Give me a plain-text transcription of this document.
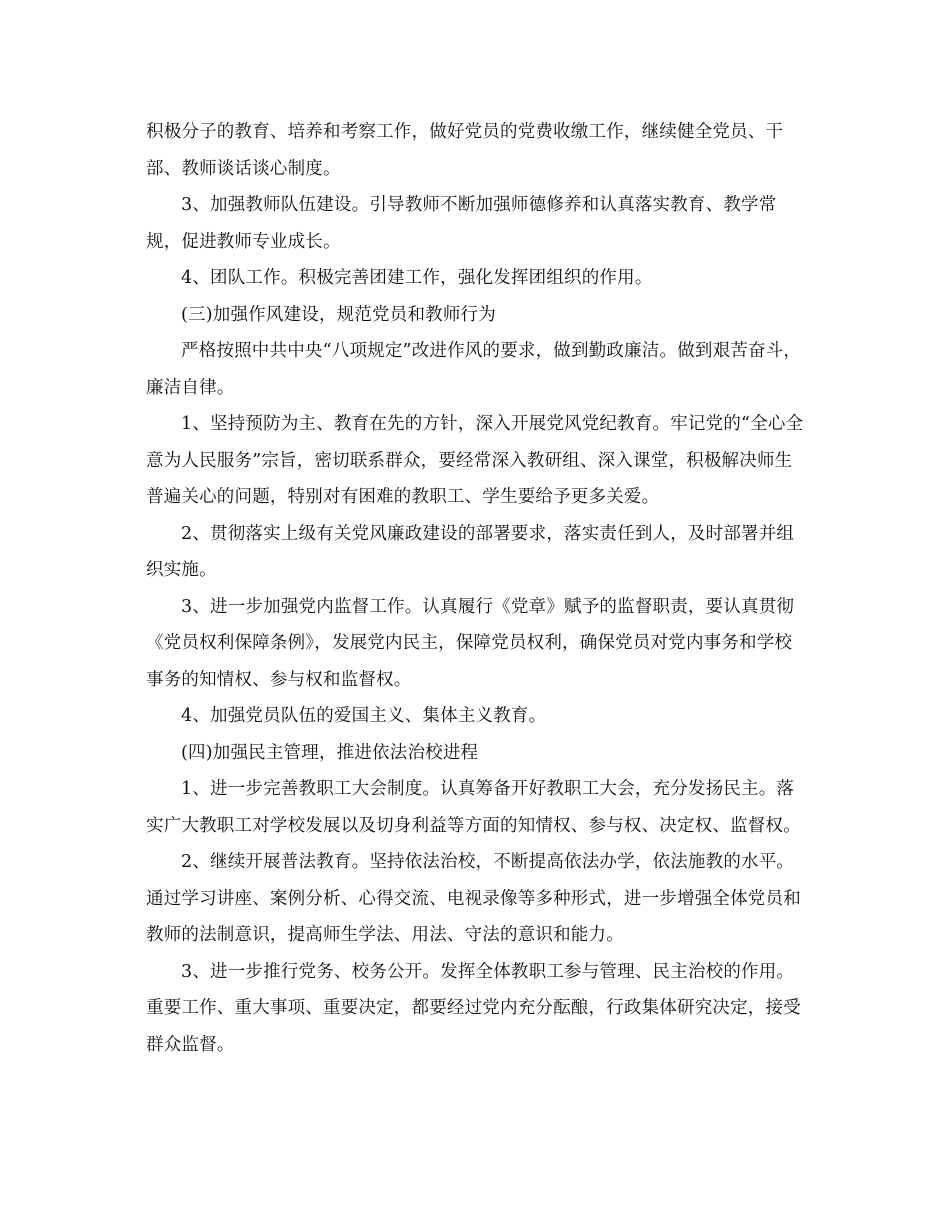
积极分子的教育、培养和考察工作，做好党员的党费收缴工作，继续健全党员、干部、教师谈话谈心制度。

3、加强教师队伍建设。引导教师不断加强师德修养和认真落实教育、教学常规，促进教师专业成长。

4、团队工作。积极完善团建工作，强化发挥团组织的作用。

(三)加强作风建设，规范党员和教师行为

严格按照中共中央“八项规定”改进作风的要求，做到勤政廉洁。做到艰苦奋斗，廉洁自律。

1、坚持预防为主、教育在先的方针，深入开展党风党纪教育。牢记党的“全心全意为人民服务”宗旨，密切联系群众，要经常深入教研组、深入课堂，积极解决师生普遍关心的问题，特别对有困难的教职工、学生要给予更多关爱。

2、贯彻落实上级有关党风廉政建设的部署要求，落实责任到人，及时部署并组织实施。

3、进一步加强党内监督工作。认真履行《党章》赋予的监督职责，要认真贯彻《党员权利保障条例》，发展党内民主，保障党员权利，确保党员对党内事务和学校事务的知情权、参与权和监督权。

4、加强党员队伍的爱国主义、集体主义教育。

(四)加强民主管理，推进依法治校进程

1、进一步完善教职工大会制度。认真筹备开好教职工大会，充分发扬民主。落实广大教职工对学校发展以及切身利益等方面的知情权、参与权、决定权、监督权。

2、继续开展普法教育。坚持依法治校，不断提高依法办学，依法施教的水平。通过学习讲座、案例分析、心得交流、电视录像等多种形式，进一步增强全体党员和教师的法制意识，提高师生学法、用法、守法的意识和能力。

3、进一步推行党务、校务公开。发挥全体教职工参与管理、民主治校的作用。重要工作、重大事项、重要决定，都要经过党内充分酝酿，行政集体研究决定，接受群众监督。
